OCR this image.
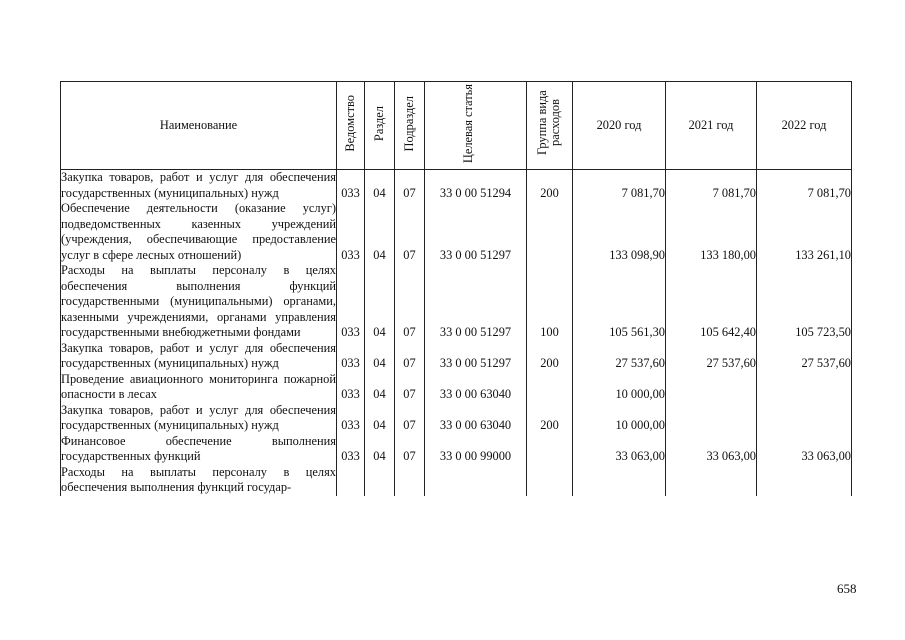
Наименование	Ведомство	Раздел	Подраздел	Целевая статья	Группа вида расходов	2020 год	2021 год	2022 год
Закупка товаров, работ и услуг для обеспечения государственных (муниципальных) нужд	033	04	07	33 0 00 51294	200	7 081,70	7 081,70	7 081,70
Обеспечение деятельности (оказание услуг) подведомственных казенных учреждений (учреждения, обеспечивающие предоставление услуг в сфере лесных отношений)	033	04	07	33 0 00 51297		133 098,90	133 180,00	133 261,10
Расходы на выплаты персоналу в целях обеспечения выполнения функций государственными (муниципальными) органами, казенными учреждениями, органами управления государственными внебюджетными фондами	033	04	07	33 0 00 51297	100	105 561,30	105 642,40	105 723,50
Закупка товаров, работ и услуг для обеспечения государственных (муниципальных) нужд	033	04	07	33 0 00 51297	200	27 537,60	27 537,60	27 537,60
Проведение авиационного мониторинга пожарной опасности в лесах	033	04	07	33 0 00 63040		10 000,00		
Закупка товаров, работ и услуг для обеспечения государственных (муниципальных) нужд	033	04	07	33 0 00 63040	200	10 000,00		
Финансовое обеспечение выполнения государственных функций	033	04	07	33 0 00 99000		33 063,00	33 063,00	33 063,00
Расходы на выплаты персоналу в целях обеспечения выполнения функций государ-								
658
